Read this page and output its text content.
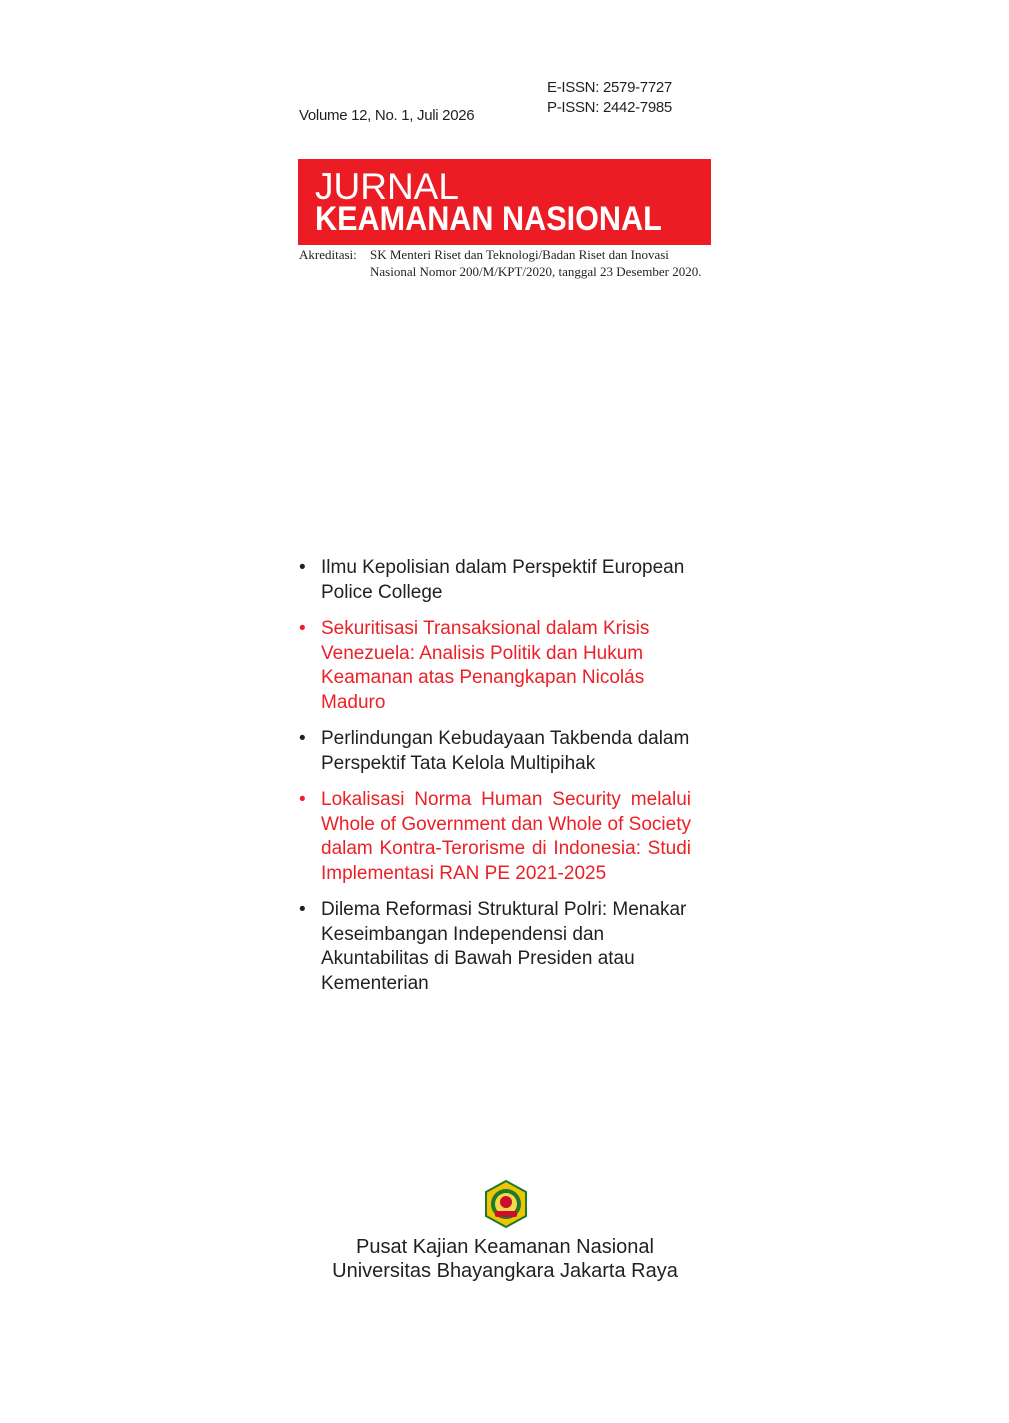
E-ISSN: 2579-7727
P-ISSN: 2442-7985
Volume 12, No. 1, Juli 2026
JURNAL
KEAMANAN NASIONAL
Akreditasi: SK Menteri Riset dan Teknologi/Badan Riset dan Inovasi Nasional Nomor 200/M/KPT/2020, tanggal 23 Desember 2020.
• Ilmu Kepolisian dalam Perspektif European Police College
• Sekuritisasi Transaksional dalam Krisis Venezuela: Analisis Politik dan Hukum Keamanan atas Penangkapan Nicolás Maduro
• Perlindungan Kebudayaan Takbenda dalam Perspektif Tata Kelola Multipihak
• Lokalisasi Norma Human Security melalui Whole of Government dan Whole of Society dalam Kontra-Terorisme di Indonesia: Studi Implementasi RAN PE 2021-2025
• Dilema Reformasi Struktural Polri: Menakar Keseimbangan Independensi dan Akuntabilitas di Bawah Presiden atau Kementerian
Pusat Kajian Keamanan Nasional
Universitas Bhayangkara Jakarta Raya
